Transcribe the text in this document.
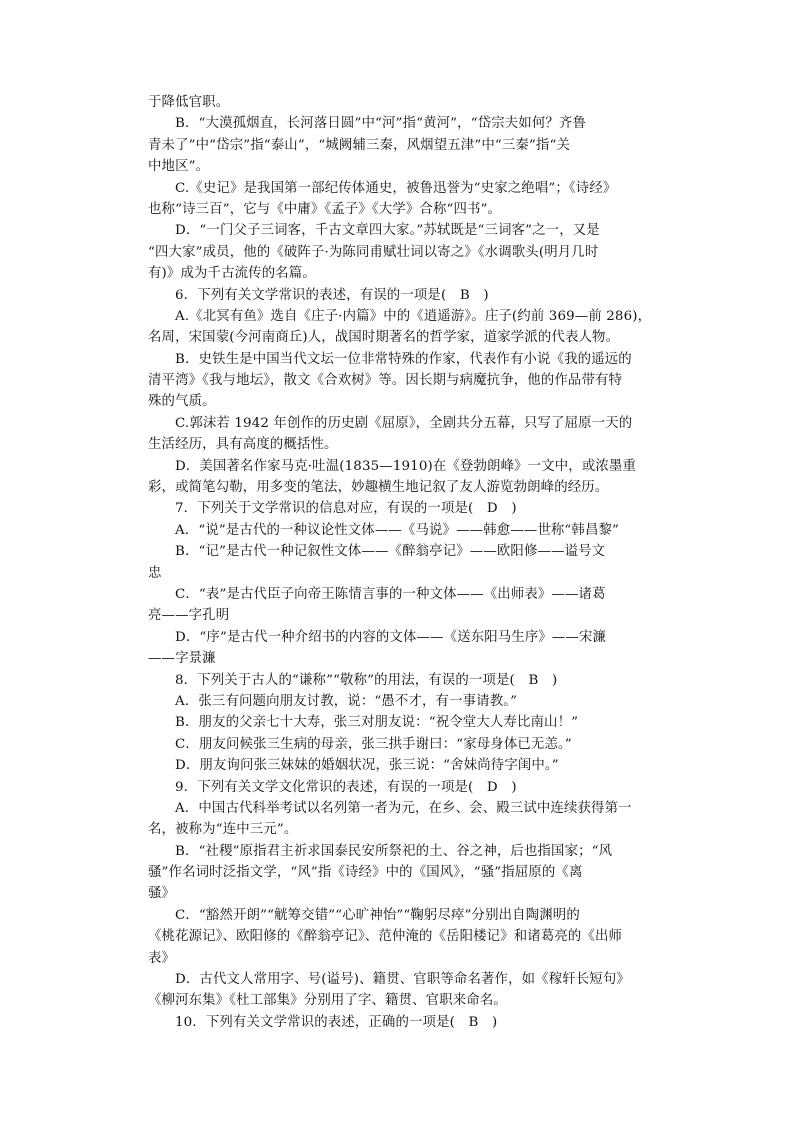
于降低官职。
B．“大漠孤烟直，长河落日圆”中“河”指“黄河”，“岱宗夫如何？齐鲁
青未了”中“岱宗”指“泰山”，“城阙辅三秦，风烟望五津”中“三秦”指“关
中地区”。
C.《史记》是我国第一部纪传体通史，被鲁迅誉为“史家之绝唱”；《诗经》
也称“诗三百”，它与《中庸》《孟子》《大学》合称“四书”。
D．“一门父子三词客，千古文章四大家。”苏轼既是“三词客”之一，又是
“四大家”成员，他的《破阵子·为陈同甫赋壮词以寄之》《水调歌头(明月几时
有)》成为千古流传的名篇。
6．下列有关文学常识的表述，有误的一项是(　B　)
A.《北冥有鱼》选自《庄子·内篇》中的《逍遥游》。庄子(约前 369—前 286)，
名周，宋国蒙(今河南商丘)人，战国时期著名的哲学家，道家学派的代表人物。
B．史铁生是中国当代文坛一位非常特殊的作家，代表作有小说《我的遥远的
清平湾》《我与地坛》，散文《合欢树》等。因长期与病魔抗争，他的作品带有特
殊的气质。
C.郭沫若 1942 年创作的历史剧《屈原》，全剧共分五幕，只写了屈原一天的
生活经历，具有高度的概括性。
D．美国著名作家马克·吐温(1835—1910)在《登勃朗峰》一文中，或浓墨重
彩，或简笔勾勒，用多变的笔法，妙趣横生地记叙了友人游览勃朗峰的经历。
7．下列关于文学常识的信息对应，有误的一项是(　D　)
A．“说”是古代的一种议论性文体——《马说》——韩愈——世称“韩昌黎”
B．“记”是古代一种记叙性文体——《醉翁亭记》——欧阳修——谥号文
忠
C．“表”是古代臣子向帝王陈情言事的一种文体——《出师表》——诸葛
亮——字孔明
D．“序”是古代一种介绍书的内容的文体——《送东阳马生序》——宋濂
——字景濂
8．下列关于古人的“谦称”“敬称”的用法，有误的一项是(　B　)
A．张三有问题向朋友讨教，说：“愚不才，有一事请教。”
B．朋友的父亲七十大寿，张三对朋友说：“祝令堂大人寿比南山！”
C．朋友问候张三生病的母亲，张三拱手谢曰：“家母身体已无恙。”
D．朋友询问张三妹妹的婚姻状况，张三说：“舍妹尚待字闺中。”
9．下列有关文学文化常识的表述，有误的一项是(　D　)
A．中国古代科举考试以名列第一者为元，在乡、会、殿三试中连续获得第一
名，被称为“连中三元”。
B．“社稷”原指君主祈求国泰民安所祭祀的土、谷之神，后也指国家；“风
骚”作名词时泛指文学，“风”指《诗经》中的《国风》，“骚”指屈原的《离
骚》
C．“豁然开朗”“觥筹交错”“心旷神怡”“鞠躬尽瘁”分别出自陶渊明的
《桃花源记》、欧阳修的《醉翁亭记》、范仲淹的《岳阳楼记》和诸葛亮的《出师
表》
D．古代文人常用字、号(谥号)、籍贯、官职等命名著作，如《稼轩长短句》
《柳河东集》《杜工部集》分别用了字、籍贯、官职来命名。
10．下列有关文学常识的表述，正确的一项是(　B　)
